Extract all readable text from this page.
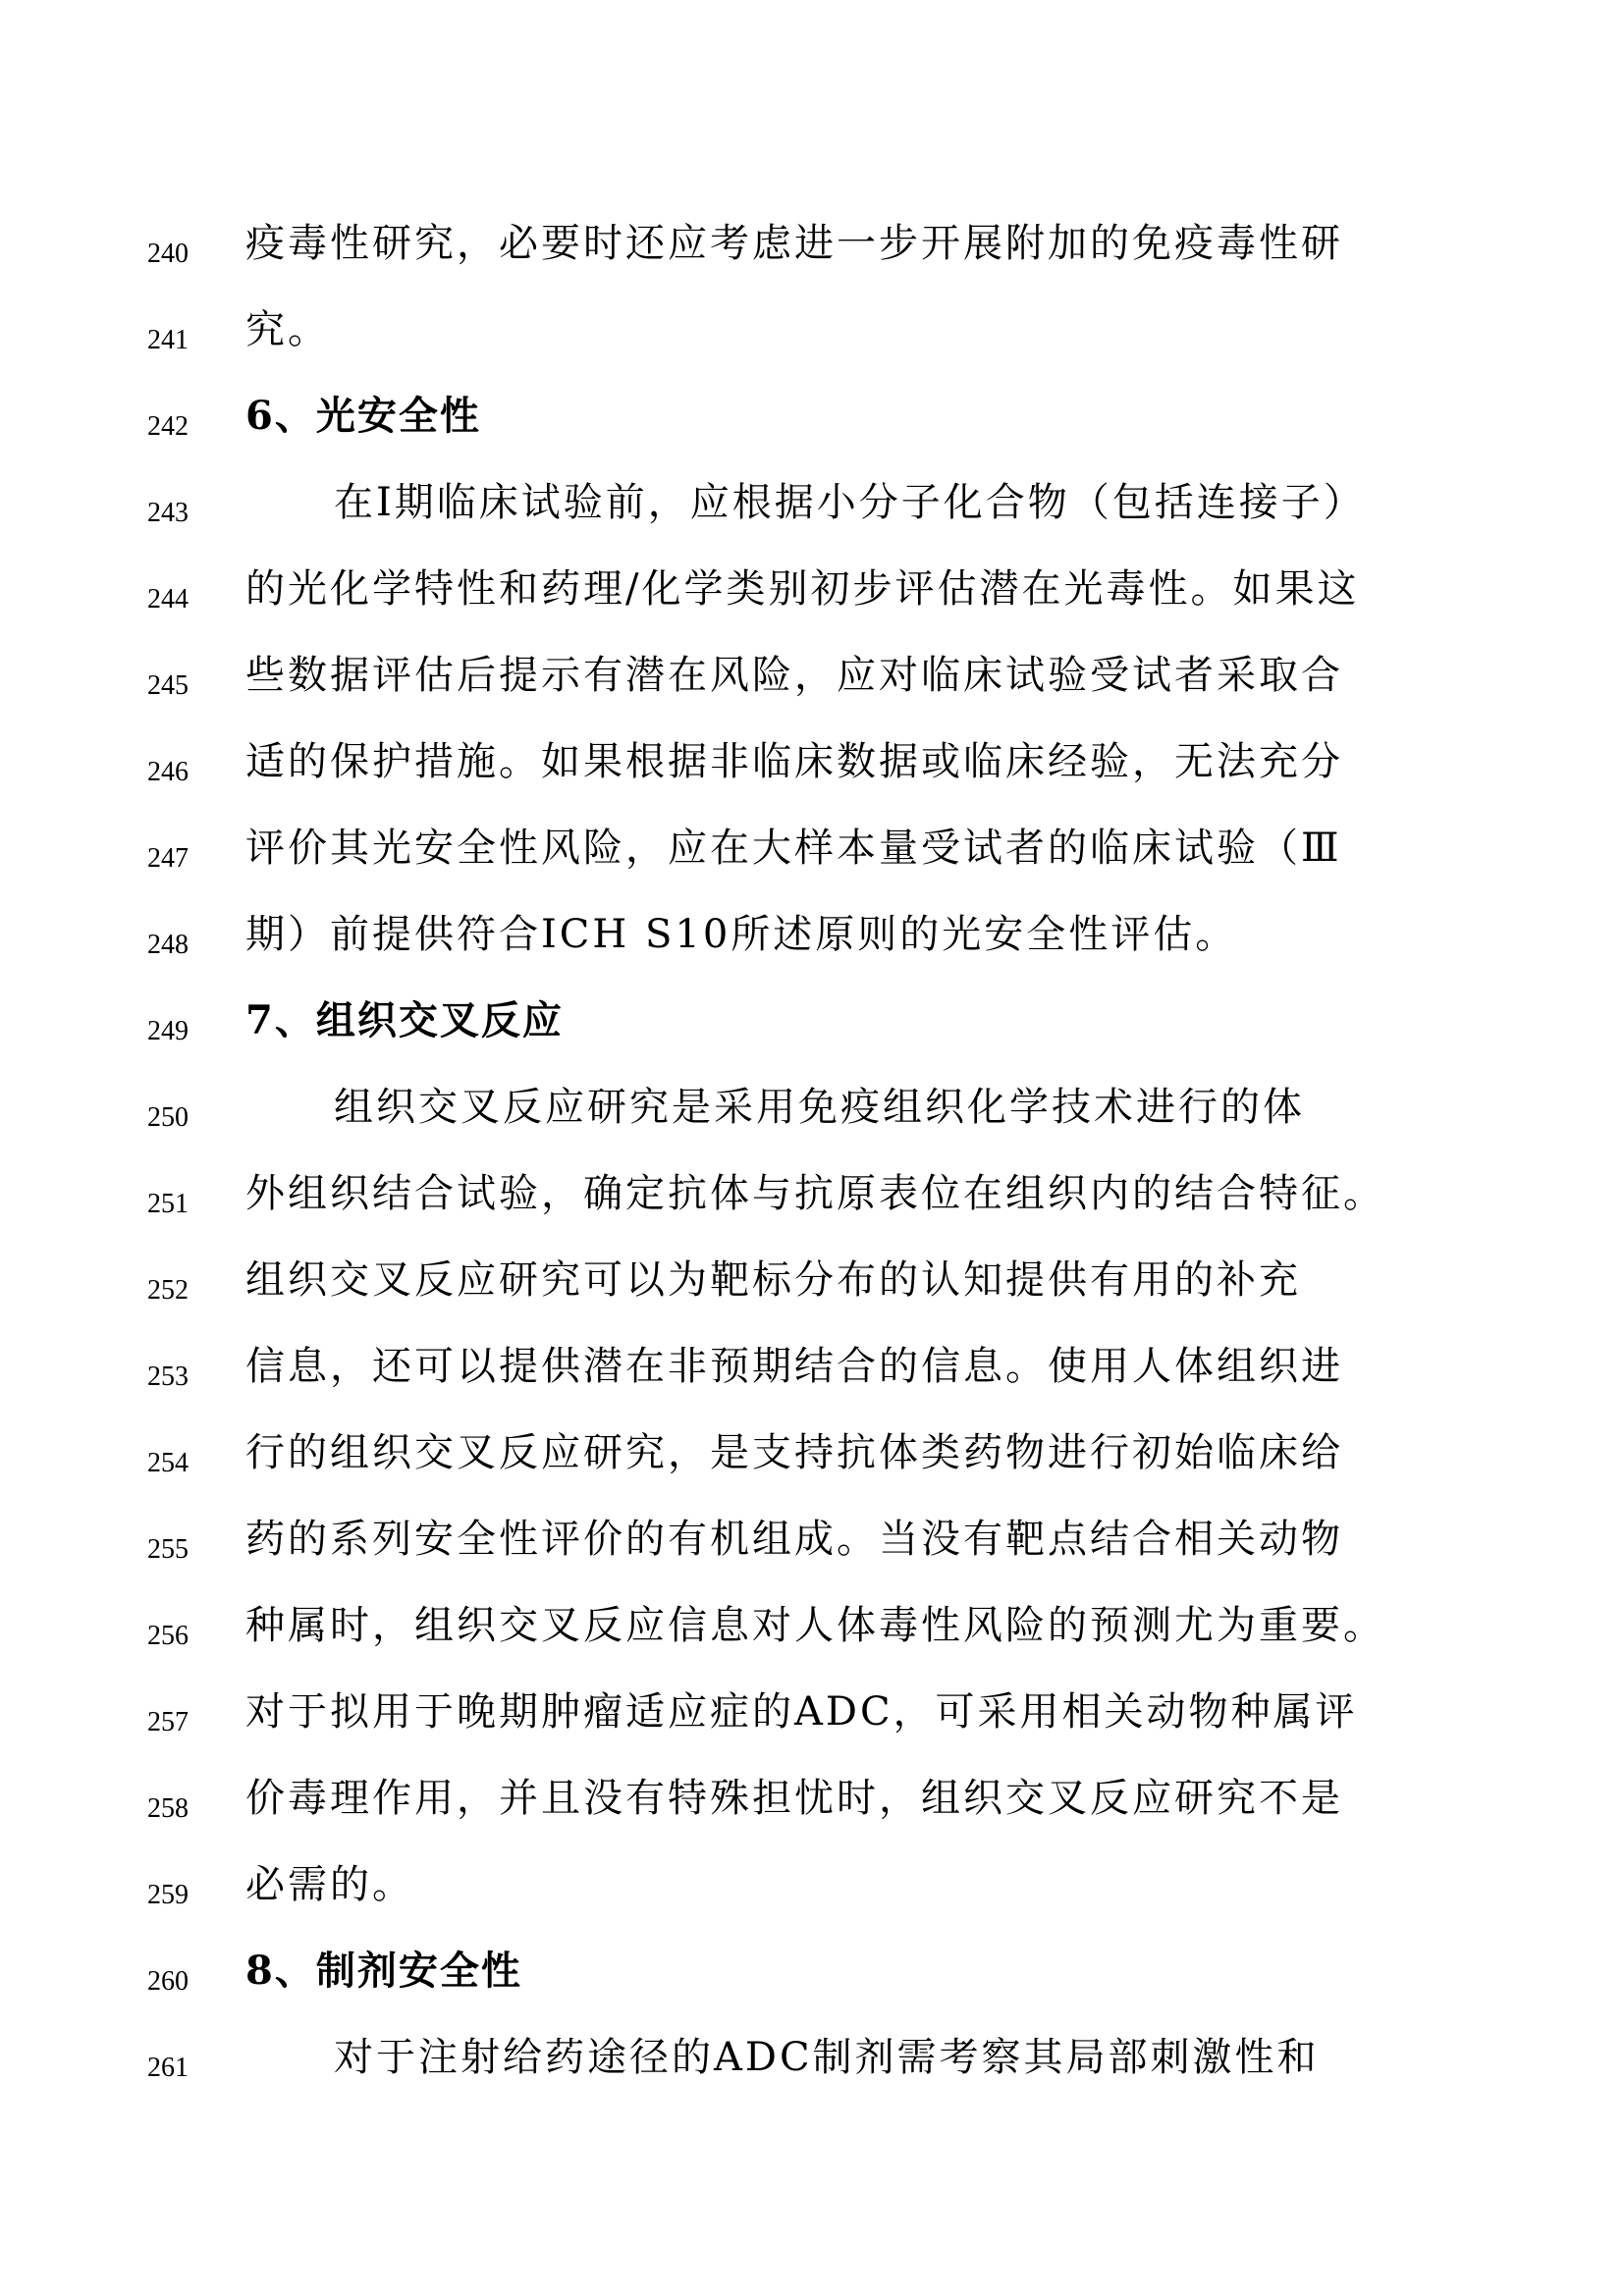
240 疫毒性研究，必要时还应考虑进一步开展附加的免疫毒性研
241 究。
242 6、光安全性
243	在Ⅰ期临床试验前，应根据小分子化合物（包括连接子）
244 的光化学特性和药理/化学类别初步评估潜在光毒性。如果这
245 些数据评估后提示有潜在风险，应对临床试验受试者采取合
246 适的保护措施。如果根据非临床数据或临床经验，无法充分
247 评价其光安全性风险，应在大样本量受试者的临床试验（Ⅲ
248 期）前提供符合ICH S10所述原则的光安全性评估。
249 7、组织交叉反应
250	组织交叉反应研究是采用免疫组织化学技术进行的体
251 外组织结合试验，确定抗体与抗原表位在组织内的结合特征。
252 组织交叉反应研究可以为靶标分布的认知提供有用的补充
253 信息，还可以提供潜在非预期结合的信息。使用人体组织进
254 行的组织交叉反应研究，是支持抗体类药物进行初始临床给
255 药的系列安全性评价的有机组成。当没有靶点结合相关动物
256 种属时，组织交叉反应信息对人体毒性风险的预测尤为重要。
257 对于拟用于晚期肿瘤适应症的ADC，可采用相关动物种属评
258 价毒理作用，并且没有特殊担忧时，组织交叉反应研究不是
259 必需的。
260 8、制剂安全性
261	对于注射给药途径的ADC制剂需考察其局部刺激性和
